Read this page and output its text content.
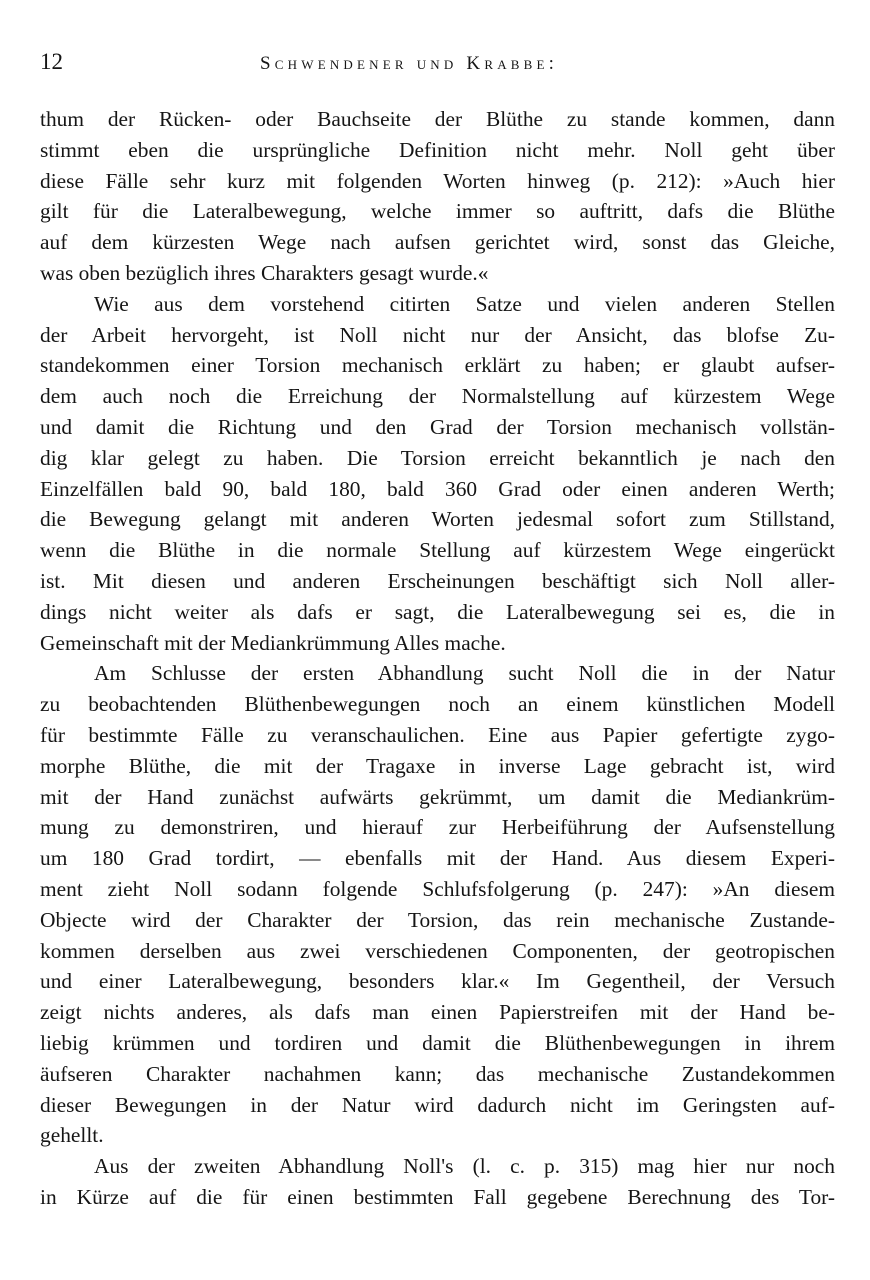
12	Schwendener und Krabbe:
thum der Rücken- oder Bauchseite der Blüthe zu stande kommen, dann
stimmt eben die ursprüngliche Definition nicht mehr. Noll geht über
diese Fälle sehr kurz mit folgenden Worten hinweg (p. 212): »Auch hier
gilt für die Lateralbewegung, welche immer so auftritt, dafs die Blüthe
auf dem kürzesten Wege nach aufsen gerichtet wird, sonst das Gleiche,
was oben bezüglich ihres Charakters gesagt wurde.«
Wie aus dem vorstehend citirten Satze und vielen anderen Stellen
der Arbeit hervorgeht, ist Noll nicht nur der Ansicht, das blofse Zu-
standekommen einer Torsion mechanisch erklärt zu haben; er glaubt aufser-
dem auch noch die Erreichung der Normalstellung auf kürzestem Wege
und damit die Richtung und den Grad der Torsion mechanisch vollstän-
dig klar gelegt zu haben. Die Torsion erreicht bekanntlich je nach den
Einzelfällen bald 90, bald 180, bald 360 Grad oder einen anderen Werth;
die Bewegung gelangt mit anderen Worten jedesmal sofort zum Stillstand,
wenn die Blüthe in die normale Stellung auf kürzestem Wege eingerückt
ist. Mit diesen und anderen Erscheinungen beschäftigt sich Noll aller-
dings nicht weiter als dafs er sagt, die Lateralbewegung sei es, die in
Gemeinschaft mit der Mediankrümmung Alles mache.
Am Schlusse der ersten Abhandlung sucht Noll die in der Natur
zu beobachtenden Blüthenbewegungen noch an einem künstlichen Modell
für bestimmte Fälle zu veranschaulichen. Eine aus Papier gefertigte zygo-
morphe Blüthe, die mit der Tragaxe in inverse Lage gebracht ist, wird
mit der Hand zunächst aufwärts gekrümmt, um damit die Mediankrüm-
mung zu demonstriren, und hierauf zur Herbeiführung der Aufsenstellung
um 180 Grad tordirt, — ebenfalls mit der Hand. Aus diesem Experi-
ment zieht Noll sodann folgende Schlufsfolgerung (p. 247): »An diesem
Objecte wird der Charakter der Torsion, das rein mechanische Zustande-
kommen derselben aus zwei verschiedenen Componenten, der geotropischen
und einer Lateralbewegung, besonders klar.« Im Gegentheil, der Versuch
zeigt nichts anderes, als dafs man einen Papierstreifen mit der Hand be-
liebig krümmen und tordiren und damit die Blüthenbewegungen in ihrem
äufseren Charakter nachahmen kann; das mechanische Zustandekommen
dieser Bewegungen in der Natur wird dadurch nicht im Geringsten auf-
gehellt.
Aus der zweiten Abhandlung Noll's (l. c. p. 315) mag hier nur noch
in Kürze auf die für einen bestimmten Fall gegebene Berechnung des Tor-
